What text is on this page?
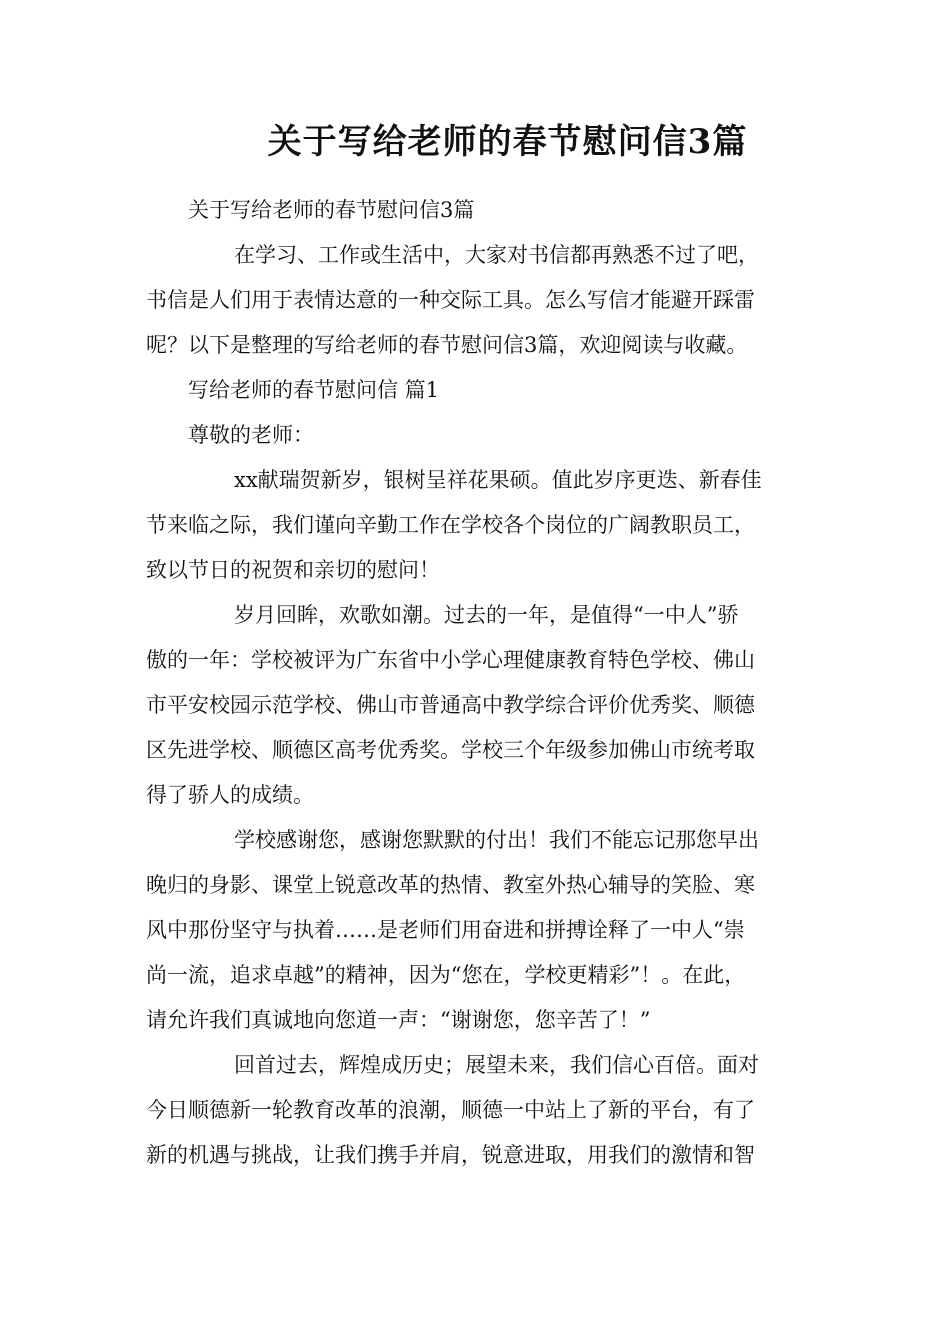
关于写给老师的春节慰问信3篇
关于写给老师的春节慰问信3篇
在学习、工作或生活中，大家对书信都再熟悉不过了吧，
书信是人们用于表情达意的一种交际工具。怎么写信才能避开踩雷
呢？以下是整理的写给老师的春节慰问信3篇，欢迎阅读与收藏。
写给老师的春节慰问信 篇1
尊敬的老师：
xx献瑞贺新岁，银树呈祥花果硕。值此岁序更迭、新春佳
节来临之际，我们谨向辛勤工作在学校各个岗位的广阔教职员工，
致以节日的祝贺和亲切的慰问！
岁月回眸，欢歌如潮。过去的一年，是值得“一中人”骄
傲的一年：学校被评为广东省中小学心理健康教育特色学校、佛山
市平安校园示范学校、佛山市普通高中教学综合评价优秀奖、顺德
区先进学校、顺德区高考优秀奖。学校三个年级参加佛山市统考取
得了骄人的成绩。
学校感谢您，感谢您默默的付出！我们不能忘记那您早出
晚归的身影、课堂上锐意改革的热情、教室外热心辅导的笑脸、寒
风中那份坚守与执着……是老师们用奋进和拼搏诠释了一中人“崇
尚一流，追求卓越”的精神，因为“您在，学校更精彩”！。在此，
请允许我们真诚地向您道一声：“谢谢您，您辛苦了！”
回首过去，辉煌成历史；展望未来，我们信心百倍。面对
今日顺德新一轮教育改革的浪潮，顺德一中站上了新的平台，有了
新的机遇与挑战，让我们携手并肩，锐意进取，用我们的激情和智
